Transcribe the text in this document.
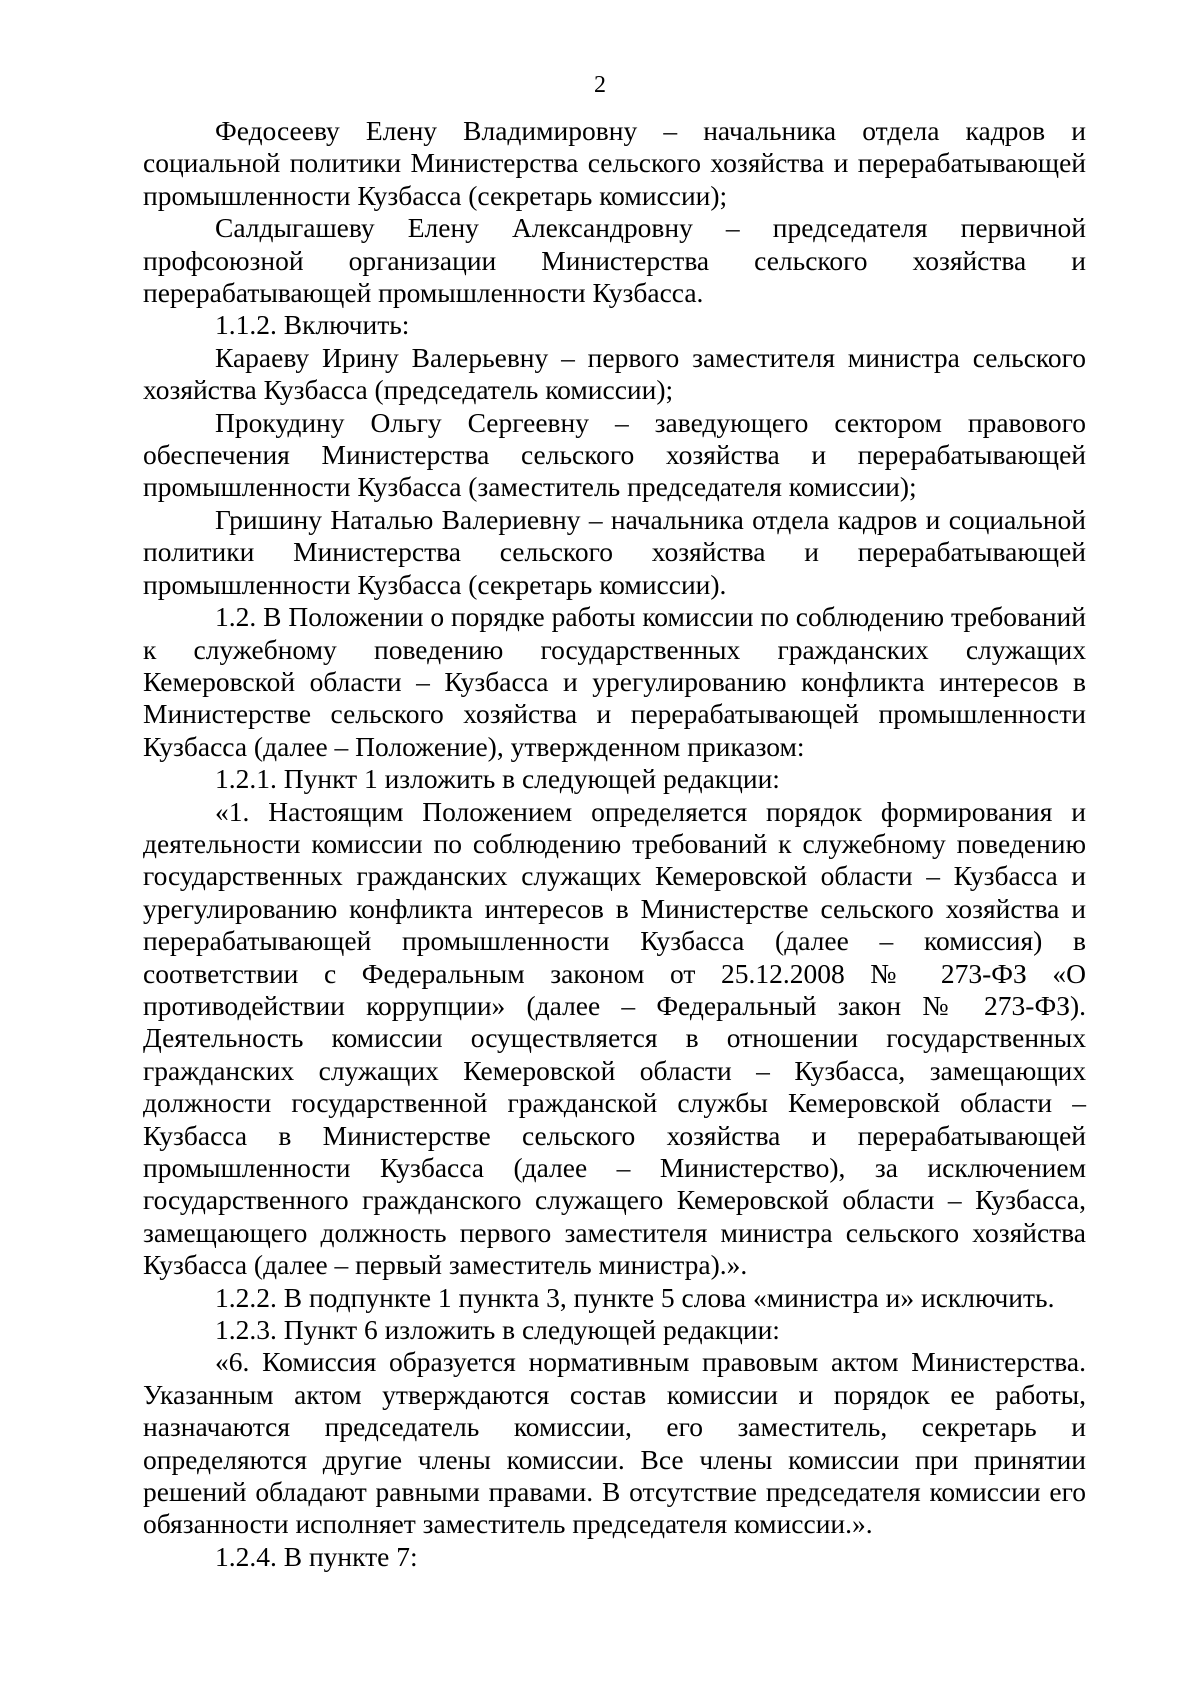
2

Федосееву Елену Владимировну – начальника отдела кадров и социальной политики Министерства сельского хозяйства и перерабатывающей промышленности Кузбасса (секретарь комиссии);

Салдыгашеву Елену Александровну – председателя первичной профсоюзной организации Министерства сельского хозяйства и перерабатывающей промышленности Кузбасса.

1.1.2. Включить:

Караеву Ирину Валерьевну – первого заместителя министра сельского хозяйства Кузбасса (председатель комиссии);

Прокудину Ольгу Сергеевну – заведующего сектором правового обеспечения Министерства сельского хозяйства и перерабатывающей промышленности Кузбасса (заместитель председателя комиссии);

Гришину Наталью Валериевну – начальника отдела кадров и социальной политики Министерства сельского хозяйства и перерабатывающей промышленности Кузбасса (секретарь комиссии).

1.2. В Положении о порядке работы комиссии по соблюдению требований к служебному поведению государственных гражданских служащих Кемеровской области – Кузбасса и урегулированию конфликта интересов в Министерстве сельского хозяйства и перерабатывающей промышленности Кузбасса (далее – Положение), утвержденном приказом:

1.2.1. Пункт 1 изложить в следующей редакции:

«1. Настоящим Положением определяется порядок формирования и деятельности комиссии по соблюдению требований к служебному поведению государственных гражданских служащих Кемеровской области – Кузбасса и урегулированию конфликта интересов в Министерстве сельского хозяйства и перерабатывающей промышленности Кузбасса (далее – комиссия) в соответствии с Федеральным законом от 25.12.2008 № 273-ФЗ «О противодействии коррупции» (далее – Федеральный закон № 273-ФЗ). Деятельность комиссии осуществляется в отношении государственных гражданских служащих Кемеровской области – Кузбасса, замещающих должности государственной гражданской службы Кемеровской области – Кузбасса в Министерстве сельского хозяйства и перерабатывающей промышленности Кузбасса (далее – Министерство), за исключением государственного гражданского служащего Кемеровской области – Кузбасса, замещающего должность первого заместителя министра сельского хозяйства Кузбасса (далее – первый заместитель министра).».

1.2.2. В подпункте 1 пункта 3, пункте 5 слова «министра и» исключить.

1.2.3. Пункт 6 изложить в следующей редакции:

«6. Комиссия образуется нормативным правовым актом Министерства. Указанным актом утверждаются состав комиссии и порядок ее работы, назначаются председатель комиссии, его заместитель, секретарь и определяются другие члены комиссии. Все члены комиссии при принятии решений обладают равными правами. В отсутствие председателя комиссии его обязанности исполняет заместитель председателя комиссии.».

1.2.4. В пункте 7:
